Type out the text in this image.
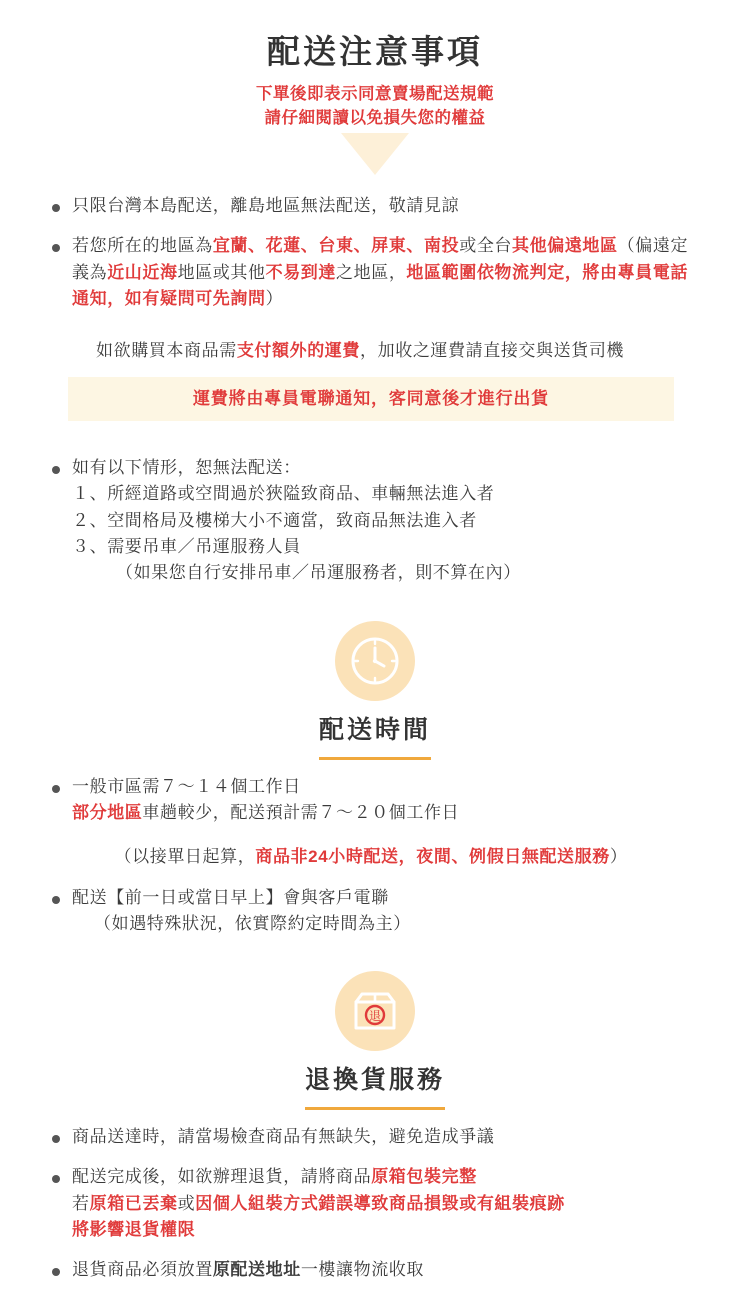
配送注意事項
下單後即表示同意賣場配送規範
請仔細閱讀以免損失您的權益
只限台灣本島配送，離島地區無法配送，敬請見諒
若您所在的地區為宜蘭、花蓮、台東、屏東、南投或全台其他偏遠地區（偏遠定義為近山近海地區或其他不易到達之地區，地區範圍依物流判定，將由專員電話通知，如有疑問可先詢問）
如欲購買本商品需支付額外的運費，加收之運費請直接交與送貨司機
運費將由專員電聯通知，客同意後才進行出貨
如有以下情形，恕無法配送：
１、所經道路或空間過於狹隘致商品、車輛無法進入者
２、空間格局及樓梯大小不適當，致商品無法進入者
３、需要吊車／吊運服務人員
（如果您自行安排吊車／吊運服務者，則不算在內）
配送時間
一般市區需７～１４個工作日
部分地區車趟較少，配送預計需７～２０個工作日
（以接單日起算，商品非24小時配送，夜間、例假日無配送服務）
配送【前一日或當日早上】會與客戶電聯
（如遇特殊狀況，依實際約定時間為主）
退
退換貨服務
商品送達時，請當場檢查商品有無缺失，避免造成爭議
配送完成後，如欲辦理退貨，請將商品原箱包裝完整
若原箱已丟棄或因個人組裝方式錯誤導致商品損毀或有組裝痕跡
將影響退貨權限
退貨商品必須放置原配送地址一樓讓物流收取
